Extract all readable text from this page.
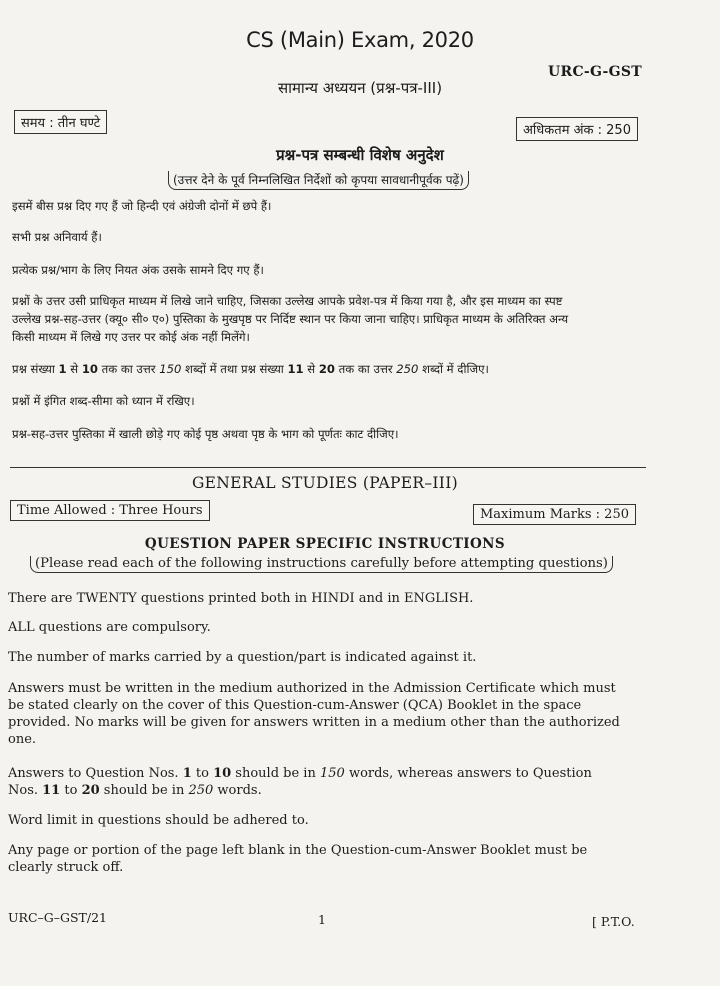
CS (Main) Exam, 2020
URC-G-GST
सामान्य अध्ययन (प्रश्न-पत्र-III)
समय : तीन घण्टे	अधिकतम अंक : 250
प्रश्न-पत्र सम्बन्धी विशेष अनुदेश
(उत्तर देने के पूर्व निम्नलिखित निर्देशों को कृपया सावधानीपूर्वक पढ़ें)
इसमें बीस प्रश्न दिए गए हैं जो हिन्दी एवं अंग्रेजी दोनों में छपे हैं।
सभी प्रश्न अनिवार्य हैं।
प्रत्येक प्रश्न/भाग के लिए नियत अंक उसके सामने दिए गए हैं।
प्रश्नों के उत्तर उसी प्राधिकृत माध्यम में लिखे जाने चाहिए, जिसका उल्लेख आपके प्रवेश-पत्र में किया गया है, और इस माध्यम का स्पष्ट
उल्लेख प्रश्न-सह-उत्तर (क्यू० सी० ए०) पुस्तिका के मुखपृष्ठ पर निर्दिष्ट स्थान पर किया जाना चाहिए। प्राधिकृत माध्यम के अतिरिक्त अन्य
किसी माध्यम में लिखे गए उत्तर पर कोई अंक नहीं मिलेंगे।
प्रश्न संख्या 1 से 10 तक का उत्तर 150 शब्दों में तथा प्रश्न संख्या 11 से 20 तक का उत्तर 250 शब्दों में दीजिए।
प्रश्नों में इंगित शब्द-सीमा को ध्यान में रखिए।
प्रश्न-सह-उत्तर पुस्तिका में खाली छोड़े गए कोई पृष्ठ अथवा पृष्ठ के भाग को पूर्णतः काट दीजिए।
GENERAL STUDIES (PAPER–III)
Time Allowed : Three Hours	Maximum Marks : 250
QUESTION PAPER SPECIFIC INSTRUCTIONS
(Please read each of the following instructions carefully before attempting questions)
There are TWENTY questions printed both in HINDI and in ENGLISH.
ALL questions are compulsory.
The number of marks carried by a question/part is indicated against it.
Answers must be written in the medium authorized in the Admission Certificate which must
be stated clearly on the cover of this Question-cum-Answer (QCA) Booklet in the space
provided. No marks will be given for answers written in a medium other than the authorized
one.
Answers to Question Nos. 1 to 10 should be in 150 words, whereas answers to Question
Nos. 11 to 20 should be in 250 words.
Word limit in questions should be adhered to.
Any page or portion of the page left blank in the Question-cum-Answer Booklet must be
clearly struck off.
URC–G–GST/21	1	[ P.T.O.
